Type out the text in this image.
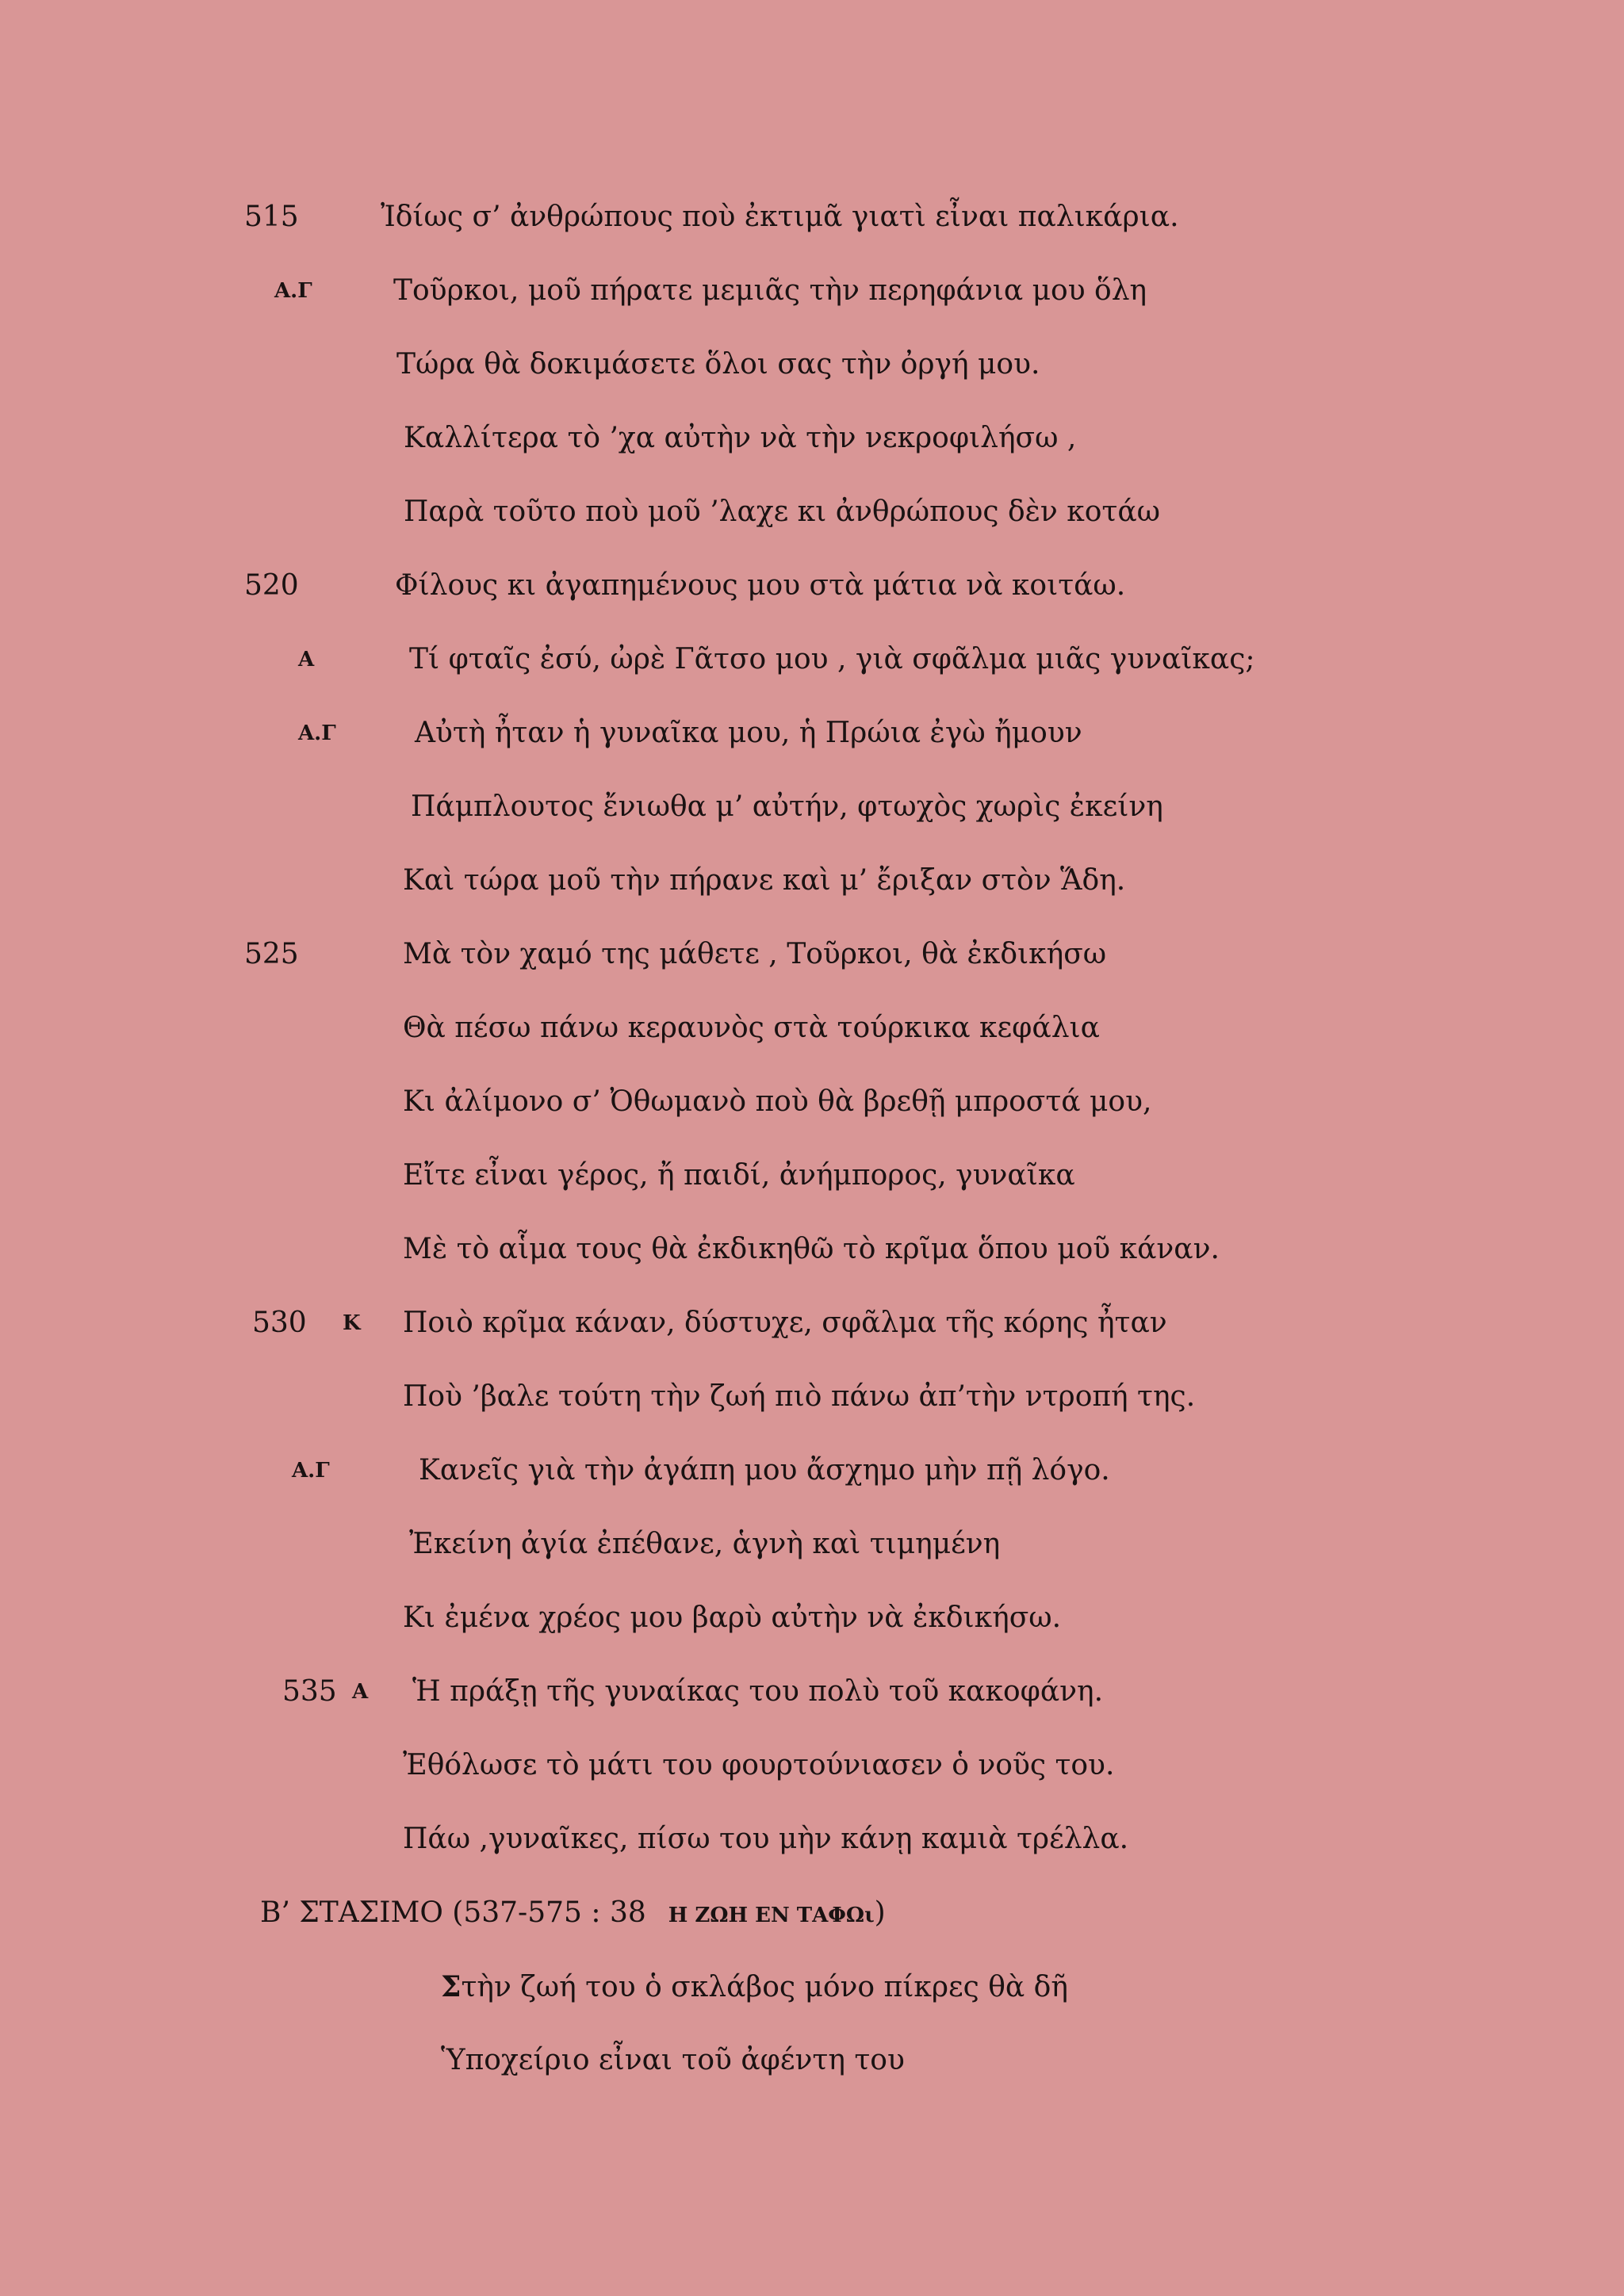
515	Ἰδίως σ’ ἀνθρώπους ποὺ ἐκτιμᾶ γιατὶ εἶναι παλικάρια.
Α.Γ	Τοῦρκοι, μοῦ πήρατε μεμιᾶς τὴν περηφάνια μου ὅλη
Τώρα θὰ δοκιμάσετε ὅλοι σας τὴν ὀργή μου.
Καλλίτερα τὸ ’χα αὐτὴν νὰ τὴν νεκροφιλήσω ,
Παρὰ τοῦτο ποὺ μοῦ ’λαχε κι ἀνθρώπους δὲν κοτάω
520	Φίλους κι ἀγαπημένους μου στὰ μάτια νὰ κοιτάω.
Α	Τί φταῖς ἐσύ, ὠρὲ Γᾶτσο μου , γιὰ σφᾶλμα μιᾶς γυναῖκας;
Α.Γ	Αὐτὴ ἦταν ἡ γυναῖκα μου, ἡ Πρώια ἐγὼ ἤμουν
Πάμπλουτος ἔνιωθα μ’ αὐτήν, φτωχὸς χωρὶς ἐκείνη
Καὶ τώρα μοῦ τὴν πήρανε καὶ μ’ ἔριξαν στὸν Ἅδη.
525	Μὰ τὸν χαμό της μάθετε , Τοῦρκοι, θὰ ἐκδικήσω
Θὰ πέσω πάνω κεραυνὸς στὰ τούρκικα κεφάλια
Κι ἀλίμονο σ’ Ὀθωμανὸ ποὺ θὰ βρεθῇ μπροστά μου,
Εἴτε εἶναι γέρος, ἤ παιδί, ἀνήμπορος, γυναῖκα
Μὲ τὸ αἷμα τους θὰ ἐκδικηθῶ τὸ κρῖμα ὅπου μοῦ κάναν.
530 Κ Ποιὸ κρῖμα κάναν, δύστυχε, σφᾶλμα τῆς κόρης ἦταν
Ποὺ ’βαλε τούτη τὴν ζωή πιὸ πάνω ἀπ’τὴν ντροπή της.
Α.Γ	Κανεῖς γιὰ τὴν ἀγάπη μου ἄσχημο μὴν πῇ λόγο.
Ἐκείνη ἀγία ἐπέθανε, ἁγνὴ καὶ τιμημένη
Κι ἐμένα χρέος μου βαρὺ αὐτὴν νὰ ἐκδικήσω.
535 Α Ἡ πράξῃ τῆς γυναίκας του πολὺ τοῦ κακοφάνη.
Ἐθόλωσε τὸ μάτι του φουρτούνιασεν ὁ νοῦς του.
Πάω ,γυναῖκες, πίσω του μὴν κάνῃ καμιὰ τρέλλα.
Β’ ΣΤΑΣΙΜΟ (537-575 : 38 Η ΖΩΗ ΕΝ ΤΑΦΩι)
Στὴν ζωή του ὁ σκλάβος μόνο πίκρες θὰ δῆ
Ὑποχείριο εἶναι τοῦ ἀφέντη του
